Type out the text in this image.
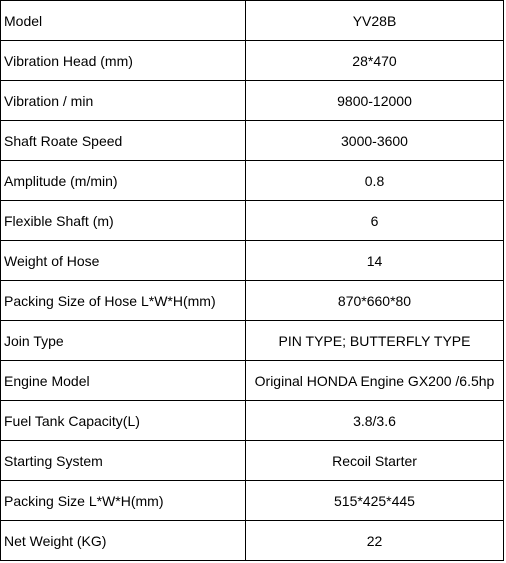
Model	YV28B
Vibration Head (mm)	28*470
Vibration / min	9800-12000
Shaft Roate Speed	3000-3600
Amplitude (m/min)	0.8
Flexible Shaft (m)	6
Weight of Hose	14
Packing Size of Hose L*W*H(mm)	870*660*80
Join Type	PIN TYPE; BUTTERFLY TYPE
Engine Model	Original HONDA Engine GX200 /6.5hp
Fuel Tank Capacity(L)	3.8/3.6
Starting System	Recoil Starter
Packing Size L*W*H(mm)	515*425*445
Net Weight (KG)	22
